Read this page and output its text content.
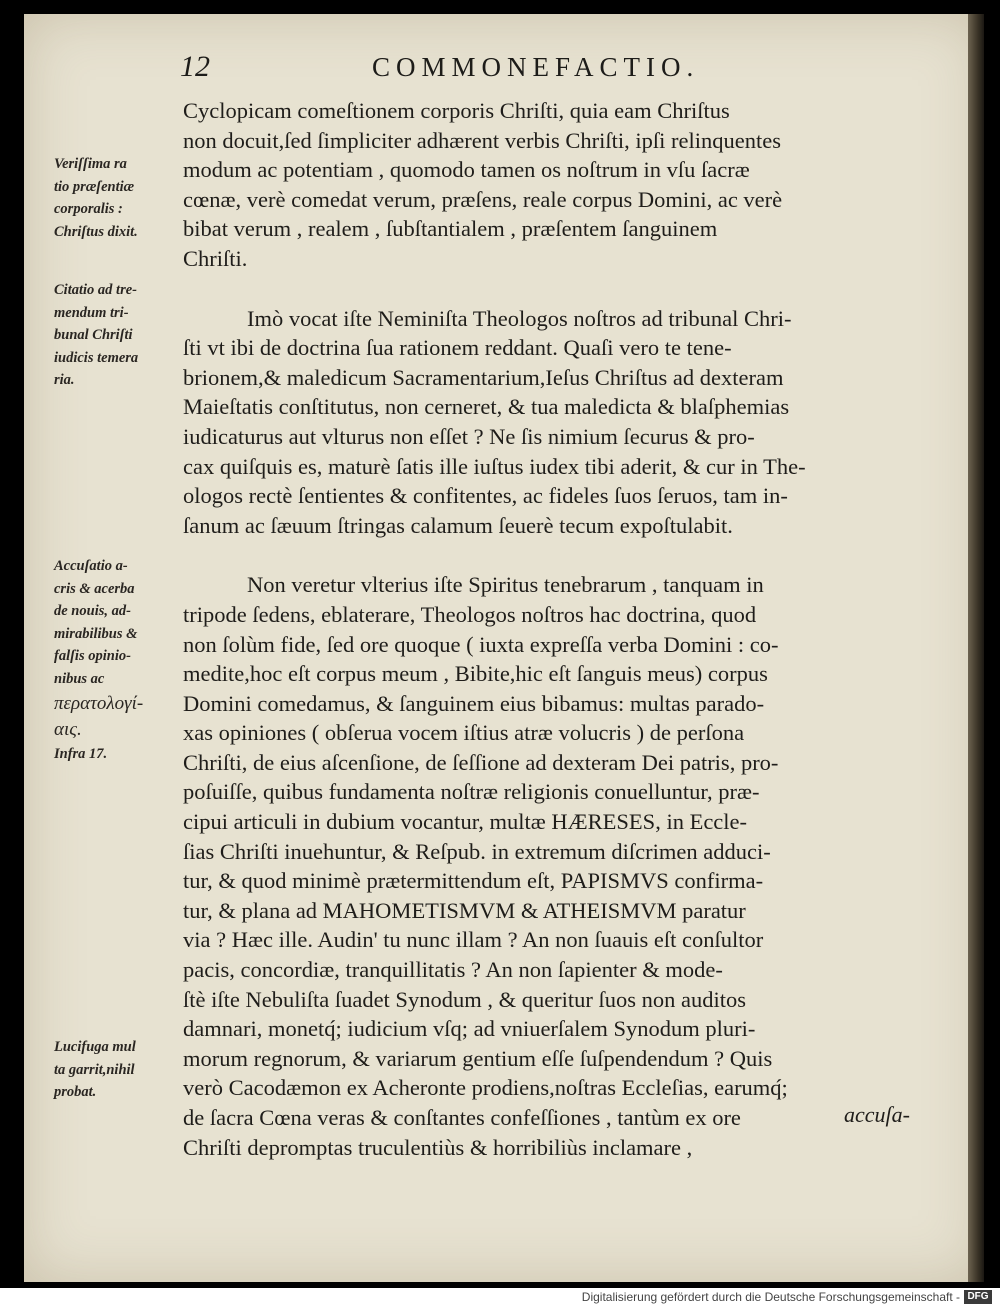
12	COMMONEFACTIO.
Veriſſima ra
tio præſentiæ
corporalis :
Chriſtus dixit.
Citatio ad tre-
mendum tri-
bunal Chriſti
iudicis temera
ria.
Accuſatio a-
cris & acerba
de nouis, ad-
mirabilibus &
falſis opinio-
nibus ac
περατολογί-
αις.
Infra 17.
Lucifuga mul
ta garrit,nihil
probat.
Cyclopicam comeſtionem corporis Chriſti, quia eam Chriſtus
non docuit,ſed ſimpliciter adhærent verbis Chriſti, ipſi relinquentes
modum ac potentiam , quomodo tamen os noſtrum in vſu ſacræ
cœnæ, verè comedat verum, præſens, reale corpus Domini, ac verè
bibat verum , realem , ſubſtantialem , præſentem ſanguinem
Chriſti.
Imò vocat iſte Neminiſta Theologos noſtros ad tribunal Chri-
ſti vt ibi de doctrina ſua rationem reddant. Quaſi vero te tene-
brionem,& maledicum Sacramentarium,Ieſus Chriſtus ad dexteram
Maieſtatis conſtitutus, non cerneret, & tua maledicta & blaſphemias
iudicaturus aut vlturus non eſſet ? Ne ſis nimium ſecurus & pro-
cax quiſquis es, maturè ſatis ille iuſtus iudex tibi aderit, & cur in The-
ologos rectè ſentientes & confitentes, ac fideles ſuos ſeruos, tam in-
ſanum ac ſæuum ſtringas calamum ſeuerè tecum expoſtulabit.
Non veretur vlterius iſte Spiritus tenebrarum , tanquam in
tripode ſedens, eblaterare, Theologos noſtros hac doctrina, quod
non ſolùm fide, ſed ore quoque ( iuxta expreſſa verba Domini : co-
medite,hoc eſt corpus meum , Bibite,hic eſt ſanguis meus) corpus
Domini comedamus, & ſanguinem eius bibamus: multas parado-
xas opiniones ( obſerua vocem iſtius atræ volucris ) de perſona
Chriſti, de eius aſcenſione, de ſeſſione ad dexteram Dei patris, pro-
poſuiſſe, quibus fundamenta noſtræ religionis conuelluntur, præ-
cipui articuli in dubium vocantur, multæ HÆRESES, in Eccle-
ſias Chriſti inuehuntur, & Reſpub. in extremum diſcrimen adduci-
tur, & quod minimè prætermittendum eſt, PAPISMVS confirma-
tur, & plana ad MAHOMETISMVM & ATHEISMVM paratur
via ? Hæc ille. Audin' tu nunc illam ? An non ſuauis eſt conſultor
pacis, concordiæ, tranquillitatis ? An non ſapienter & mode-
ſtè iſte Nebuliſta ſuadet Synodum , & queritur ſuos non auditos
damnari, monetq́; iudicium vſq; ad vniuerſalem Synodum pluri-
morum regnorum, & variarum gentium eſſe ſuſpendendum ? Quis
verò Cacodæmon ex Acheronte prodiens,noſtras Eccleſias, earumq́;
de ſacra Cœna veras & conſtantes confeſſiones , tantùm ex ore
Chriſti depromptas truculentiùs & horribiliùs inclamare ,
accuſa-
Digitalisierung gefördert durch die Deutsche Forschungsgemeinschaft - DFG
